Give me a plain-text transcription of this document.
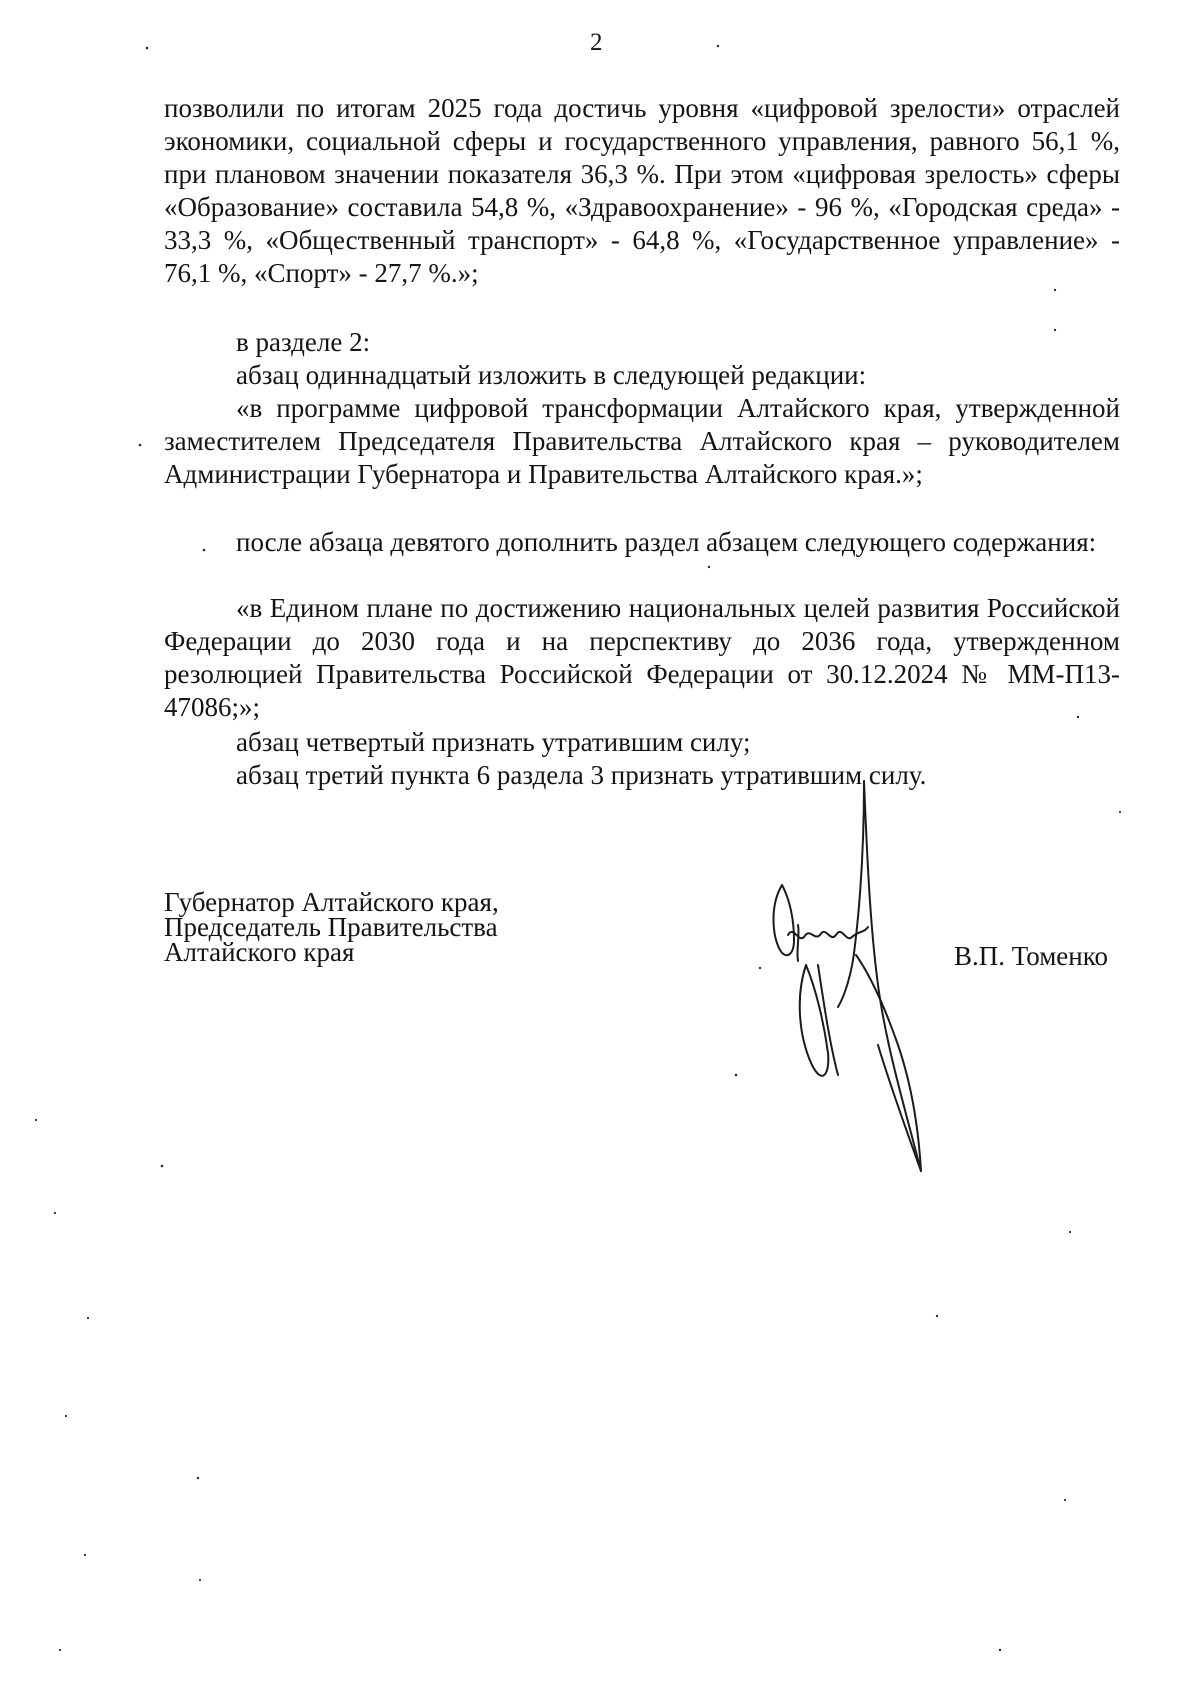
2

позволили по итогам 2025 года достичь уровня «цифровой зрелости» отраслей экономики, социальной сферы и государственного управления, равного 56,1 %, при плановом значении показателя 36,3 %. При этом «цифровая зрелость» сферы «Образование» составила 54,8 %, «Здравоохранение» - 96 %, «Городская среда» - 33,3 %, «Общественный транспорт» - 64,8 %, «Государственное управление» - 76,1 %, «Спорт» - 27,7 %.»;

в разделе 2:

абзац одиннадцатый изложить в следующей редакции:

«в программе цифровой трансформации Алтайского края, утвержденной заместителем Председателя Правительства Алтайского края – руководителем Администрации Губернатора и Правительства Алтайского края.»;

после абзаца девятого дополнить раздел абзацем следующего содержания:

«в Едином плане по достижению национальных целей развития Российской Федерации до 2030 года и на перспективу до 2036 года, утвержденном резолюцией Правительства Российской Федерации от 30.12.2024 № ММ-П13-47086;»;

абзац четвертый признать утратившим силу;

абзац третий пункта 6 раздела 3 признать утратившим силу.

Губернатор Алтайского края,
Председатель Правительства
Алтайского края	В.П. Томенко
